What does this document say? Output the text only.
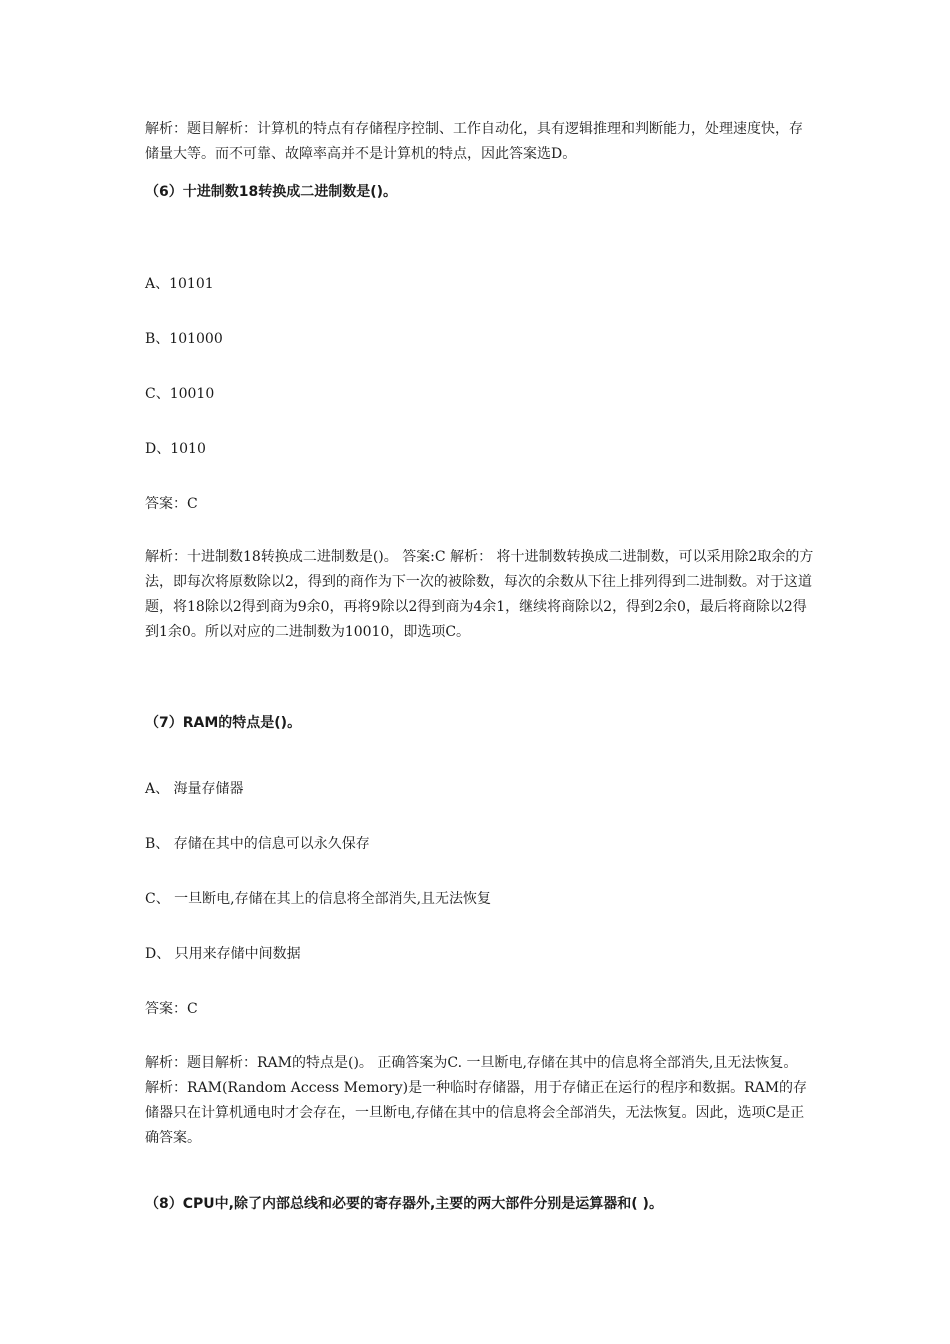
解析：题目解析：计算机的特点有存储程序控制、工作自动化，具有逻辑推理和判断能力，处理速度快，存储量大等。而不可靠、故障率高并不是计算机的特点，因此答案选D。
（6）十进制数18转换成二进制数是()。
A、10101
B、101000
C、10010
D、1010
答案：C
解析：十进制数18转换成二进制数是()。 答案:C 解析： 将十进制数转换成二进制数，可以采用除2取余的方法，即每次将原数除以2，得到的商作为下一次的被除数，每次的余数从下往上排列得到二进制数。对于这道题，将18除以2得到商为9余0，再将9除以2得到商为4余1，继续将商除以2，得到2余0，最后将商除以2得到1余0。所以对应的二进制数为10010，即选项C。
（7）RAM的特点是()。
A、 海量存储器
B、 存储在其中的信息可以永久保存
C、 一旦断电,存储在其上的信息将全部消失,且无法恢复
D、 只用来存储中间数据
答案：C
解析：题目解析：RAM的特点是()。 正确答案为C. 一旦断电,存储在其中的信息将全部消失,且无法恢复。 解析：RAM(Random Access Memory)是一种临时存储器，用于存储正在运行的程序和数据。RAM的存储器只在计算机通电时才会存在，一旦断电,存储在其中的信息将会全部消失，无法恢复。因此，选项C是正确答案。
（8）CPU中,除了内部总线和必要的寄存器外,主要的两大部件分别是运算器和( )。
